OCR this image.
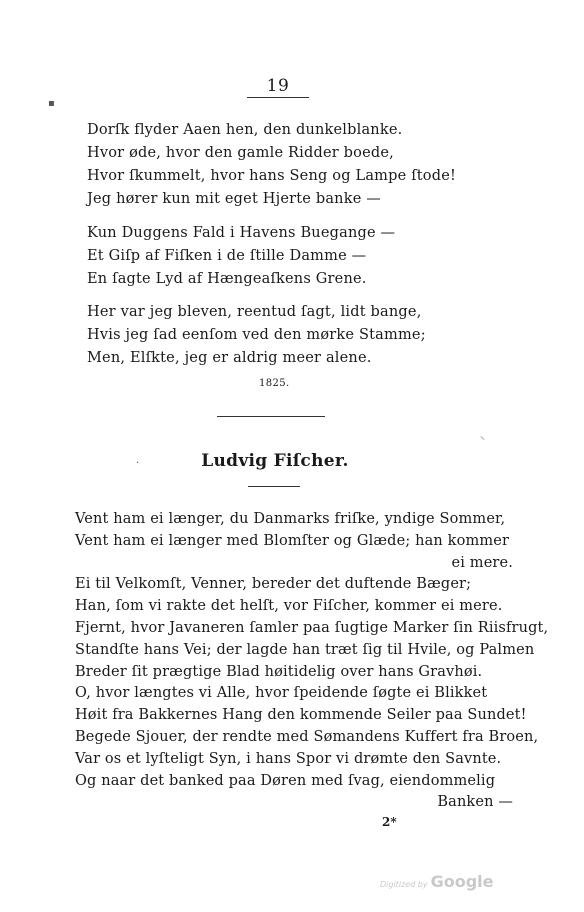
19
▪
⸜
·
Dorſk flyder Aaen hen, den dunkelblanke.
Hvor øde, hvor den gamle Ridder boede,
Hvor ſkummelt, hvor hans Seng og Lampe ſtode!
Jeg hører kun mit eget Hjerte banke —
Kun Duggens Fald i Havens Buegange —
Et Giſp af Fiſken i de ſtille Damme —
En ſagte Lyd af Hængeaſkens Grene.
Her var jeg bleven, reentud ſagt, lidt bange,
Hvis jeg ſad eenſom ved den mørke Stamme;
Men, Elſkte, jeg er aldrig meer alene.
1825.
Ludvig Fiſcher.
Vent ham ei længer, du Danmarks friſke, yndige Sommer,
Vent ham ei længer med Blomſter og Glæde; han kommer
ei mere.
Ei til Velkomſt, Venner, bereder det duftende Bæger;
Han, ſom vi rakte det helſt, vor Fiſcher, kommer ei mere.
Fjernt, hvor Javaneren ſamler paa ſugtige Marker ſin Riisfrugt,
Standſte hans Vei; der lagde han træt ſig til Hvile, og Palmen
Breder ſit prægtige Blad høitidelig over hans Gravhøi.
O, hvor længtes vi Alle, hvor ſpeidende ſøgte ei Blikket
Høit fra Bakkernes Hang den kommende Seiler paa Sundet!
Begede Sjouer, der rendte med Sømandens Kuffert fra Broen,
Var os et lyſteligt Syn, i hans Spor vi drømte den Savnte.
Og naar det banked paa Døren med ſvag, eiendommelig
Banken —
2*
Digitized by Google
